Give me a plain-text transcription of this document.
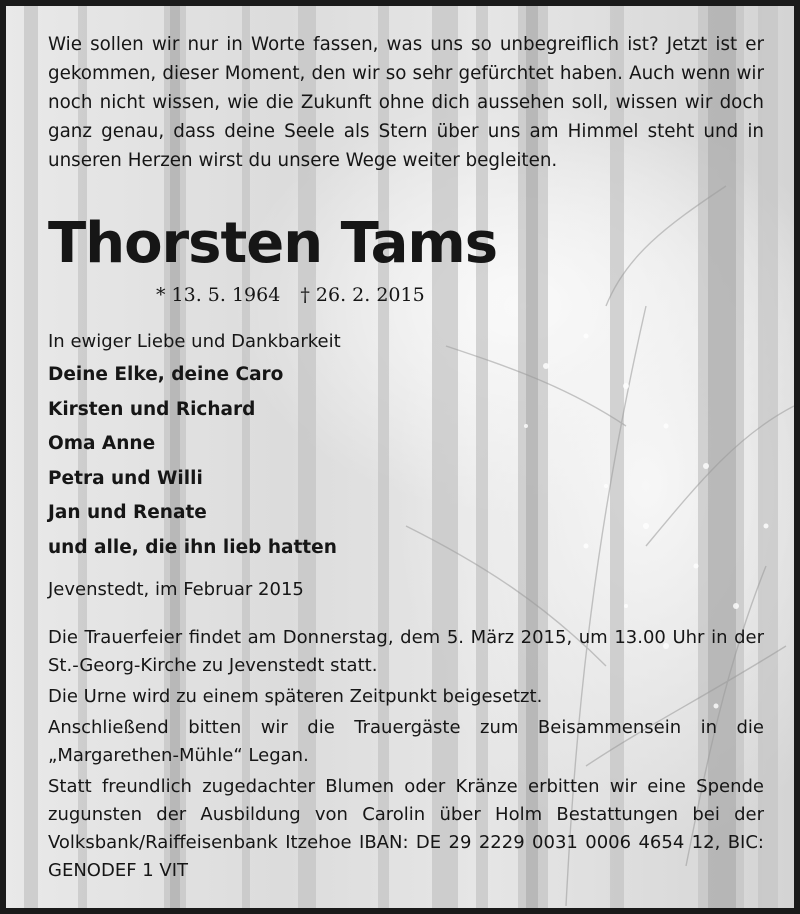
Wie sollen wir nur in Worte fassen, was uns so unbegreiflich ist? Jetzt ist er gekommen, dieser Moment, den wir so sehr gefürchtet haben. Auch wenn wir noch nicht wissen, wie die Zukunft ohne dich aussehen soll, wissen wir doch ganz genau, dass deine Seele als Stern über uns am Himmel steht und in unseren Herzen wirst du unsere Wege weiter begleiten.

Thorsten Tams
* 13. 5. 1964 † 26. 2. 2015
In ewiger Liebe und Dankbarkeit
Deine Elke, deine Caro
Kirsten und Richard
Oma Anne
Petra und Willi
Jan und Renate
und alle, die ihn lieb hatten
Jevenstedt, im Februar 2015

Die Trauerfeier findet am Donnerstag, dem 5. März 2015, um 13.00 Uhr in der St.-Georg-Kirche zu Jevenstedt statt.

Die Urne wird zu einem späteren Zeitpunkt beigesetzt.

Anschließend bitten wir die Trauergäste zum Beisammensein in die „Margarethen-Mühle“ Legan.

Statt freundlich zugedachter Blumen oder Kränze erbitten wir eine Spende zugunsten der Ausbildung von Carolin über Holm Bestattungen bei der Volksbank/Raiffeisenbank Itzehoe IBAN: DE 29 2229 0031 0006 4654 12, BIC: GENODEF 1 VIT
